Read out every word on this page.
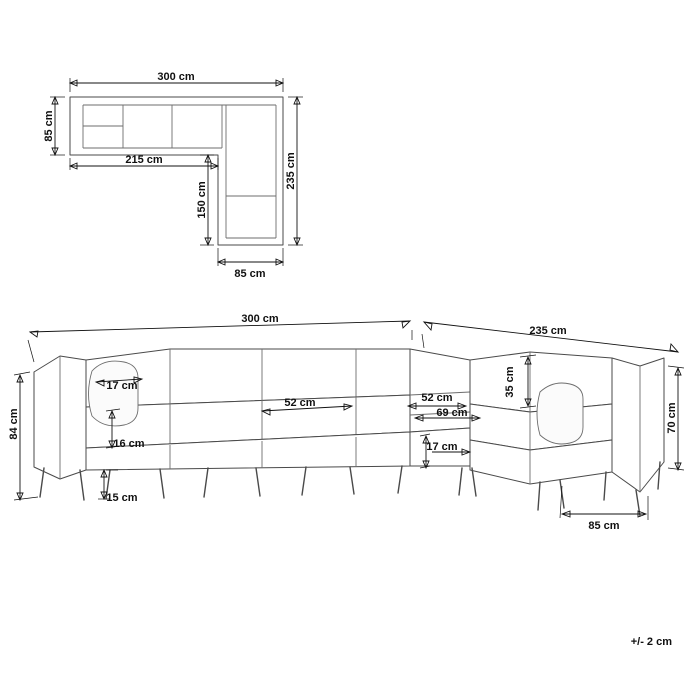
300 cm
85 cm
215 cm
150 cm
235 cm
85 cm
300 cm
235 cm
84 cm
17 cm
16 cm
15 cm
52 cm	52 cm
69 cm
35 cm
17 cm
70 cm
85 cm
+/- 2 cm
